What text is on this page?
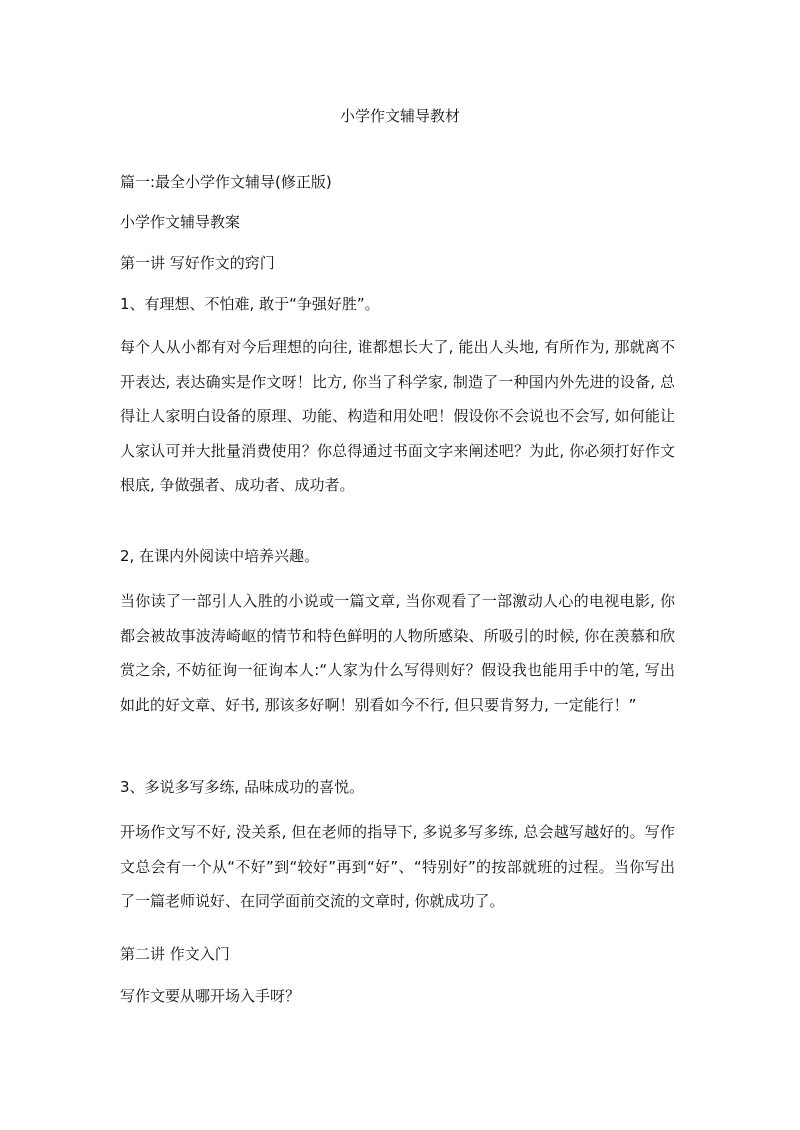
小学作文辅导教材
篇一:最全小学作文辅导(修正版)
小学作文辅导教案
第一讲 写好作文的窍门
1、有理想、不怕难, 敢于“争强好胜”。
每个人从小都有对今后理想的向往, 谁都想长大了, 能出人头地, 有所作为, 那就离不开表达, 表达确实是作文呀！比方, 你当了科学家, 制造了一种国内外先进的设备, 总得让人家明白设备的原理、功能、构造和用处吧！假设你不会说也不会写, 如何能让人家认可并大批量消费使用？你总得通过书面文字来阐述吧？为此, 你必须打好作文根底, 争做强者、成功者、成功者。
2, 在课内外阅读中培养兴趣。
当你读了一部引人入胜的小说或一篇文章, 当你观看了一部激动人心的电视电影, 你都会被故事波涛崎岖的情节和特色鲜明的人物所感染、所吸引的时候, 你在羡慕和欣赏之余, 不妨征询一征询本人:“人家为什么写得则好？假设我也能用手中的笔, 写出如此的好文章、好书, 那该多好啊！别看如今不行, 但只要肯努力, 一定能行！”
3、多说多写多练, 品味成功的喜悦。
开场作文写不好, 没关系, 但在老师的指导下, 多说多写多练, 总会越写越好的。写作文总会有一个从“不好”到“较好”再到“好”、“特别好”的按部就班的过程。当你写出了一篇老师说好、在同学面前交流的文章时, 你就成功了。
第二讲 作文入门
写作文要从哪开场入手呀？
